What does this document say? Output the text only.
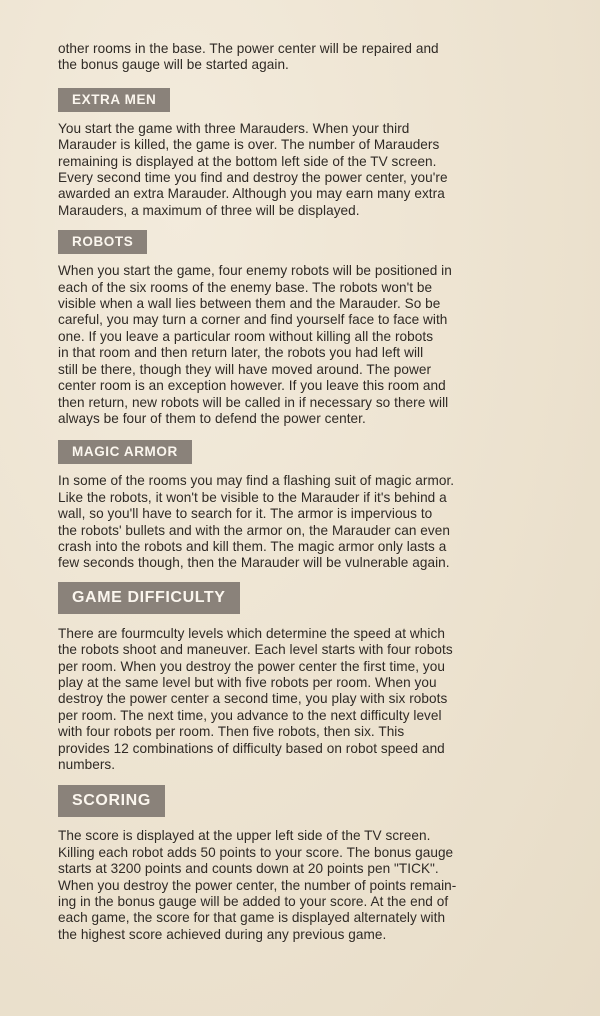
other rooms in the base. The power center will be repaired and
the bonus gauge will be started again.

EXTRA MEN

You start the game with three Marauders. When your third
Marauder is killed, the game is over. The number of Marauders
remaining is displayed at the bottom left side of the TV screen.
Every second time you find and destroy the power center, you're
awarded an extra Marauder. Although you may earn many extra
Marauders, a maximum of three will be displayed.

ROBOTS

When you start the game, four enemy robots will be positioned in
each of the six rooms of the enemy base. The robots won't be
visible when a wall lies between them and the Marauder. So be
careful, you may turn a corner and find yourself face to face with
one. If you leave a particular room without killing all the robots
in that room and then return later, the robots you had left will
still be there, though they will have moved around. The power
center room is an exception however. If you leave this room and
then return, new robots will be called in if necessary so there will
always be four of them to defend the power center.

MAGIC ARMOR

In some of the rooms you may find a flashing suit of magic armor.
Like the robots, it won't be visible to the Marauder if it's behind a
wall, so you'll have to search for it. The armor is impervious to
the robots' bullets and with the armor on, the Marauder can even
crash into the robots and kill them. The magic armor only lasts a
few seconds though, then the Marauder will be vulnerable again.

GAME DIFFICULTY

There are fourmculty levels which determine the speed at which
the robots shoot and maneuver. Each level starts with four robots
per room. When you destroy the power center the first time, you
play at the same level but with five robots per room. When you
destroy the power center a second time, you play with six robots
per room. The next time, you advance to the next difficulty level
with four robots per room. Then five robots, then six. This
provides 12 combinations of difficulty based on robot speed and
numbers.

SCORING

The score is displayed at the upper left side of the TV screen.
Killing each robot adds 50 points to your score. The bonus gauge
starts at 3200 points and counts down at 20 points pen "TICK".
When you destroy the power center, the number of points remain-
ing in the bonus gauge will be added to your score. At the end of
each game, the score for that game is displayed alternately with
the highest score achieved during any previous game.
